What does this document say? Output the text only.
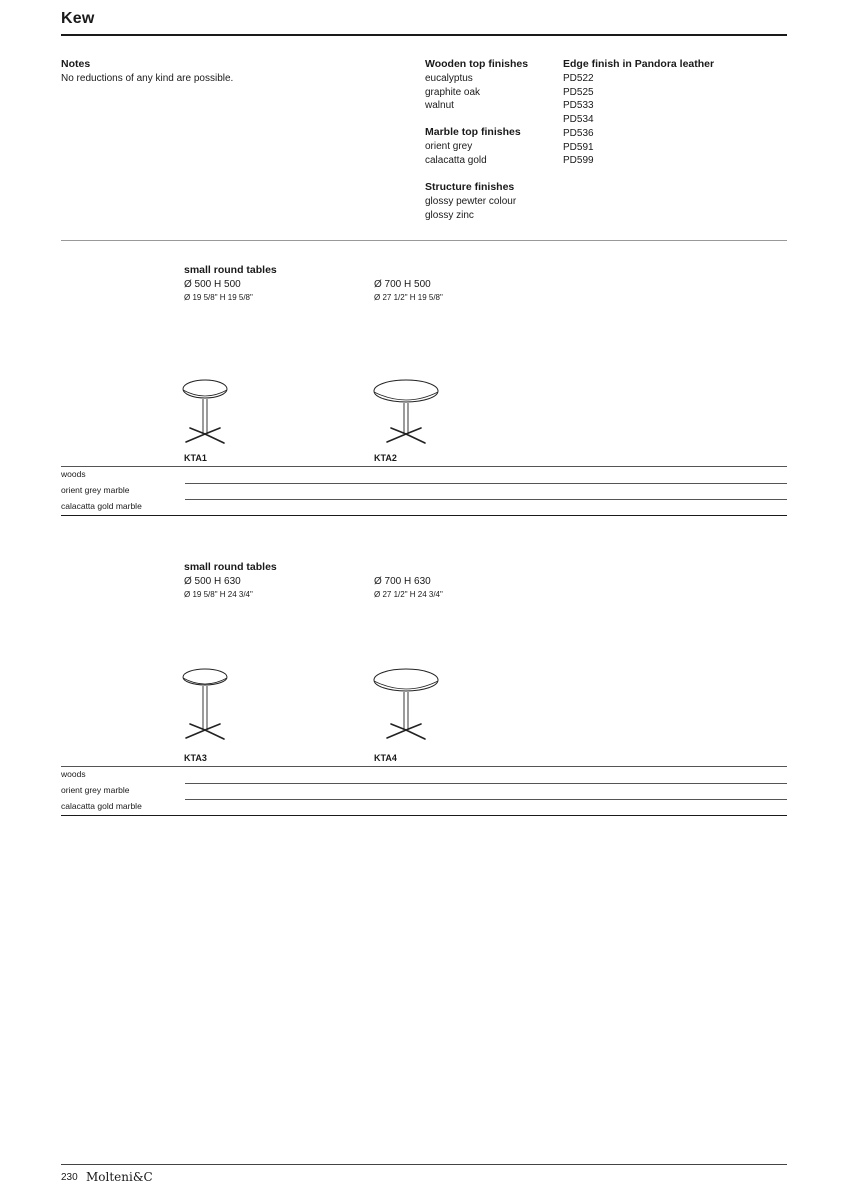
Kew
Notes
No reductions of any kind are possible.
Wooden top finishes
eucalyptus
graphite oak
walnut
Marble top finishes
orient grey
calacatta gold
Structure finishes
glossy pewter colour
glossy zinc
Edge finish in Pandora leather
PD522
PD525
PD533
PD534
PD536
PD591
PD599
small round tables
Ø 500 H 500
Ø 19 5/8" H 19 5/8"
Ø 700 H 500
Ø 27 1/2" H 19 5/8"
KTA1	KTA2
woods
orient grey marble
calacatta gold marble
small round tables
Ø 500 H 630
Ø 19 5/8" H 24 3/4"
Ø 700 H 630
Ø 27 1/2" H 24 3/4"
KTA3	KTA4
woods
orient grey marble
calacatta gold marble
230 Molteni&C
